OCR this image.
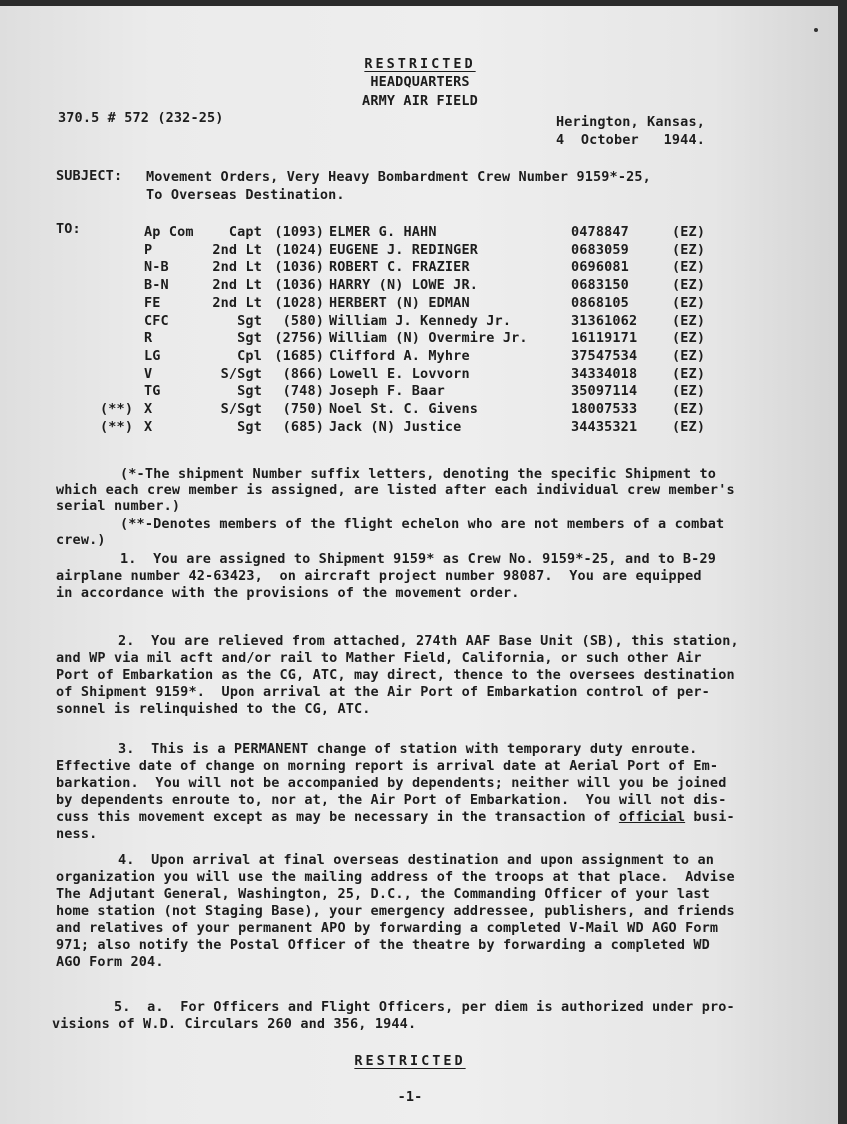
RESTRICTED
HEADQUARTERS
ARMY AIR FIELD
370.5 # 572 (232-25)	Herington, Kansas,
4  October   1944.
SUBJECT: Movement Orders, Very Heavy Bombardment Crew Number 9159*-25,
To Overseas Destination.
TO:	Ap Com	Capt (1093) ELMER G. HAHN	0478847	(EZ)
P	2nd Lt (1024) EUGENE J. REDINGER	0683059	(EZ)
N-B	2nd Lt (1036) ROBERT C. FRAZIER	0696081	(EZ)
B-N	2nd Lt (1036) HARRY (N) LOWE JR.	0683150	(EZ)
FE	2nd Lt (1028) HERBERT (N) EDMAN	0868105	(EZ)
CFC	Sgt (580) William J. Kennedy Jr.	31361062	(EZ)
R	Sgt (2756) William (N) Overmire Jr.	16119171	(EZ)
LG	Cpl (1685) Clifford A. Myhre	37547534	(EZ)
V	S/Sgt (866) Lowell E. Lovvorn	34334018	(EZ)
TG	Sgt (748) Joseph F. Baar	35097114	(EZ)
(**) X	S/Sgt (750) Noel St. C. Givens	18007533	(EZ)
(**) X	Sgt (685) Jack (N) Justice	34435321	(EZ)
(*-The shipment Number suffix letters, denoting the specific Shipment to
which each crew member is assigned, are listed after each individual crew member's
serial number.)
(**-Denotes members of the flight echelon who are not members of a combat
crew.)
1.  You are assigned to Shipment 9159* as Crew No. 9159*-25, and to B-29
airplane number 42-63423,  on aircraft project number 98087.  You are equipped
in accordance with the provisions of the movement order.
2.  You are relieved from attached, 274th AAF Base Unit (SB), this station,
and WP via mil acft and/or rail to Mather Field, California, or such other Air
Port of Embarkation as the CG, ATC, may direct, thence to the oversees destination
of Shipment 9159*.  Upon arrival at the Air Port of Embarkation control of per-
sonnel is relinquished to the CG, ATC.
3.  This is a PERMANENT change of station with temporary duty enroute.
Effective date of change on morning report is arrival date at Aerial Port of Em-
barkation.  You will not be accompanied by dependents; neither will you be joined
by dependents enroute to, nor at, the Air Port of Embarkation.  You will not dis-
cuss this movement except as may be necessary in the transaction of official busi-
ness.
4.  Upon arrival at final overseas destination and upon assignment to an
organization you will use the mailing address of the troops at that place.  Advise
The Adjutant General, Washington, 25, D.C., the Commanding Officer of your last
home station (not Staging Base), your emergency addressee, publishers, and friends
and relatives of your permanent APO by forwarding a completed V-Mail WD AGO Form
971; also notify the Postal Officer of the theatre by forwarding a completed WD
AGO Form 204.
5.  a.  For Officers and Flight Officers, per diem is authorized under pro-
visions of W.D. Circulars 260 and 356, 1944.
RESTRICTED
-1-
